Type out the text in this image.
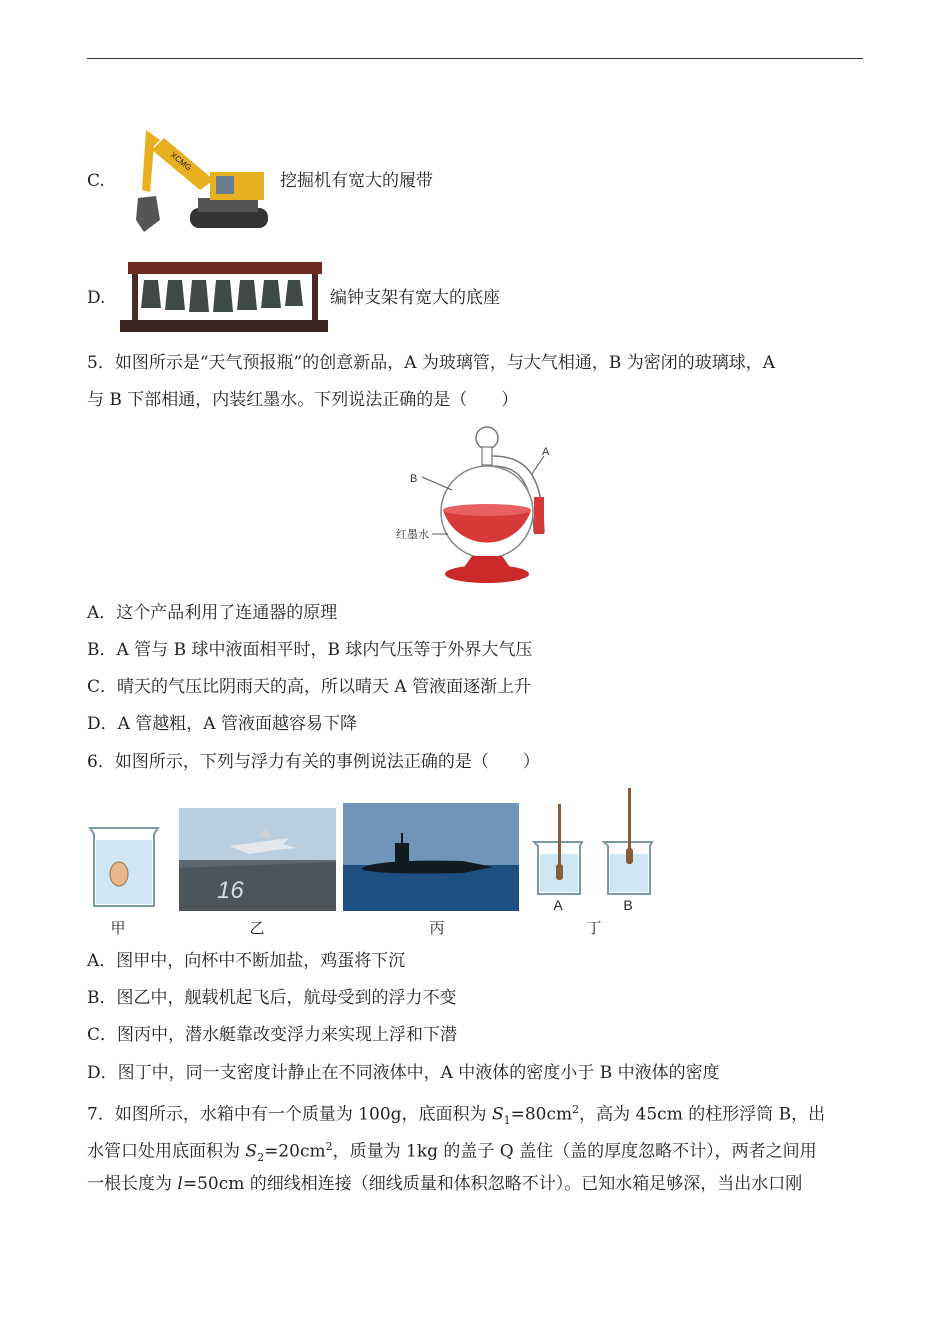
C.
XCMG
挖掘机有宽大的履带
D.	编钟支架有宽大的底座
5．如图所示是“天气预报瓶”的创意新品，A 为玻璃管，与大气相通，B 为密闭的玻璃球，A
与 B 下部相通，内装红墨水。下列说法正确的是（　　）
B
A
红墨水
A．这个产品利用了连通器的原理
B．A 管与 B 球中液面相平时，B 球内气压等于外界大气压
C．晴天的气压比阴雨天的高，所以晴天 A 管液面逐渐上升
D．A 管越粗，A 管液面越容易下降
6．如图所示，下列与浮力有关的事例说法正确的是（　　）
甲
16
乙	丙
A	B
丁
A．图甲中，向杯中不断加盐，鸡蛋将下沉
B．图乙中，舰载机起飞后，航母受到的浮力不变
C．图丙中，潜水艇靠改变浮力来实现上浮和下潜
D．图丁中，同一支密度计静止在不同液体中，A 中液体的密度小于 B 中液体的密度
7．如图所示，水箱中有一个质量为 100g，底面积为 $S_1=80cm^2$，高为 45cm 的柱形浮筒 B，出
水管口处用底面积为 $S_2=20cm^2$，质量为 1kg 的盖子 Q 盖住（盖的厚度忽略不计），两者之间用
一根长度为 l=50cm 的细线相连接（细线质量和体积忽略不计）。已知水箱足够深，当出水口刚
